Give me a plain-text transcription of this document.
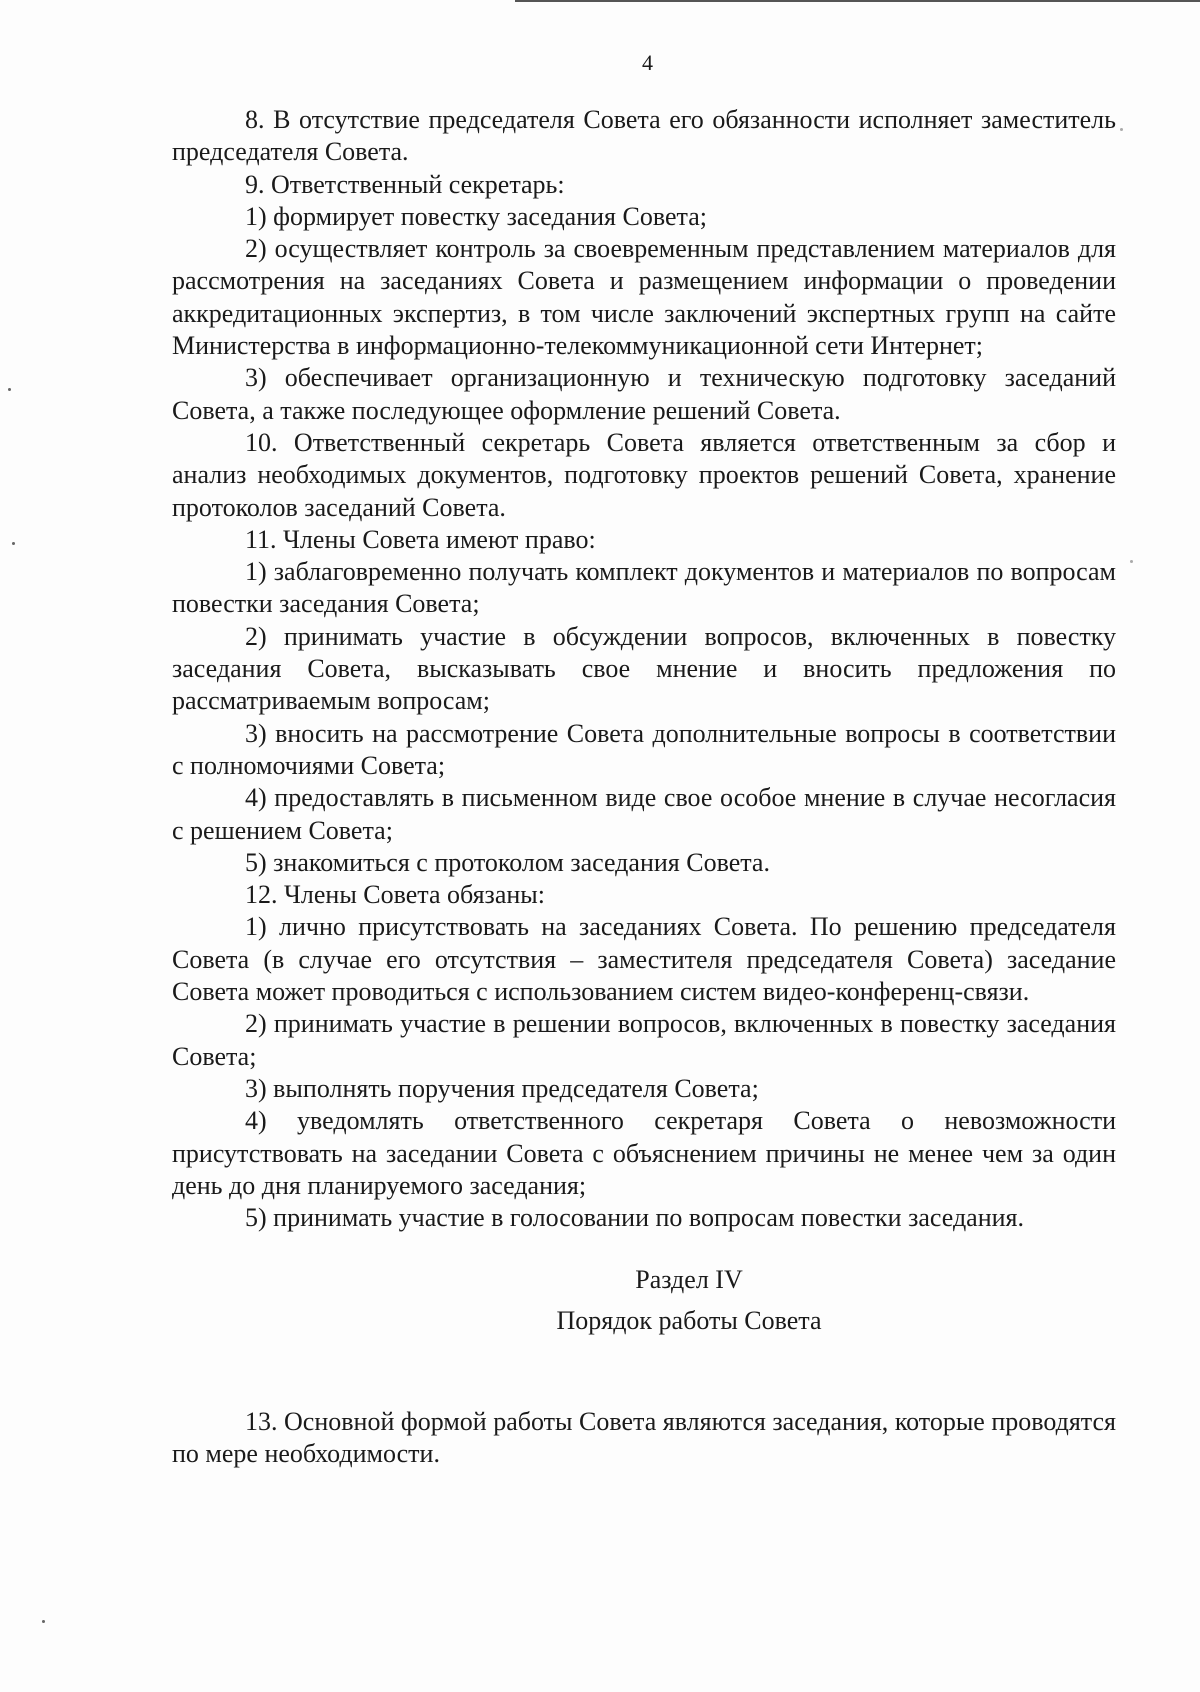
4

8. В отсутствие председателя Совета его обязанности исполняет заместитель председателя Совета.

9. Ответственный секретарь:

1) формирует повестку заседания Совета;

2) осуществляет контроль за своевременным представлением материалов для рассмотрения на заседаниях Совета и размещением информации о проведении аккредитационных экспертиз, в том числе заключений экспертных групп на сайте Министерства в информационно-телекоммуникационной сети Интернет;

3) обеспечивает организационную и техническую подготовку заседаний Совета, а также последующее оформление решений Совета.

10. Ответственный секретарь Совета является ответственным за сбор и анализ необходимых документов, подготовку проектов решений Совета, хранение протоколов заседаний Совета.

11. Члены Совета имеют право:

1) заблаговременно получать комплект документов и материалов по вопросам повестки заседания Совета;

2) принимать участие в обсуждении вопросов, включенных в повестку заседания Совета, высказывать свое мнение и вносить предложения по рассматриваемым вопросам;

3) вносить на рассмотрение Совета дополнительные вопросы в соответствии с полномочиями Совета;

4) предоставлять в письменном виде свое особое мнение в случае несогласия с решением Совета;

5) знакомиться с протоколом заседания Совета.

12. Члены Совета обязаны:

1) лично присутствовать на заседаниях Совета. По решению председателя Совета (в случае его отсутствия – заместителя председателя Совета) заседание Совета может проводиться с использованием систем видео-конференц-связи.

2) принимать участие в решении вопросов, включенных в повестку заседания Совета;

3) выполнять поручения председателя Совета;

4) уведомлять ответственного секретаря Совета о невозможности присутствовать на заседании Совета с объяснением причины не менее чем за один день до дня планируемого заседания;

5) принимать участие в голосовании по вопросам повестки заседания.

Раздел IV

Порядок работы Совета

13. Основной формой работы Совета являются заседания, которые проводятся по мере необходимости.
